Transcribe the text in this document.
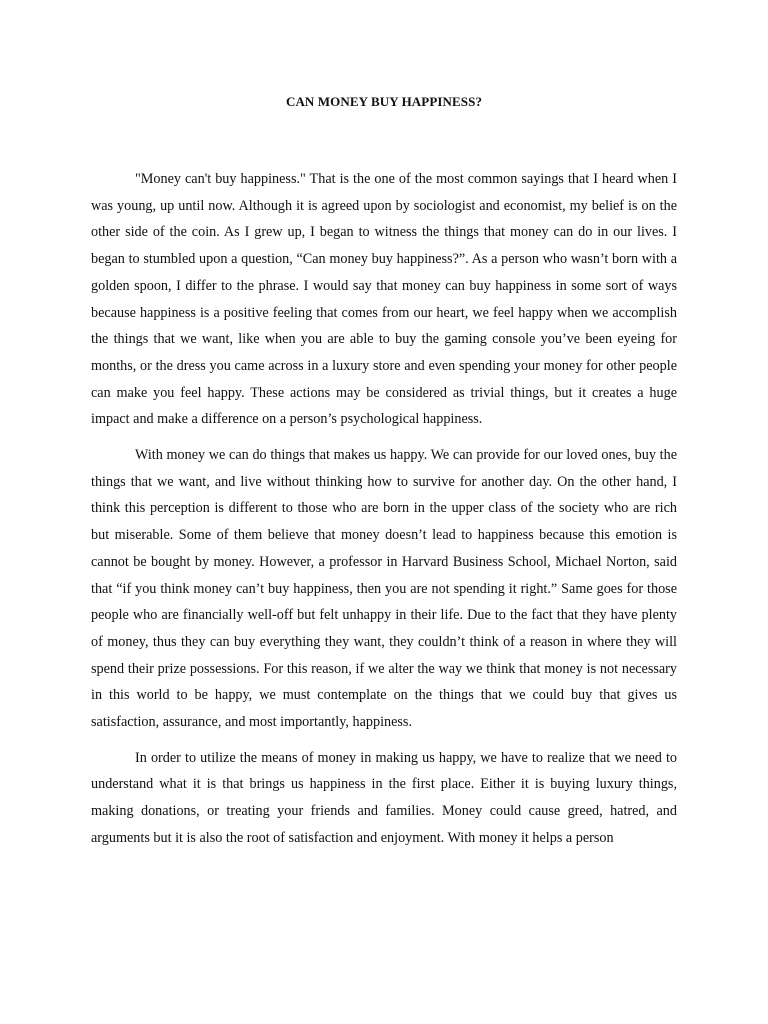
CAN MONEY BUY HAPPINESS?

"Money can't buy happiness." That is the one of the most common sayings that I heard when I was young, up until now. Although it is agreed upon by sociologist and economist, my belief is on the other side of the coin. As I grew up, I began to witness the things that money can do in our lives. I began to stumbled upon a question, “Can money buy happiness?”. As a person who wasn’t born with a golden spoon, I differ to the phrase. I would say that money can buy happiness in some sort of ways because happiness is a positive feeling that comes from our heart, we feel happy when we accomplish the things that we want, like when you are able to buy the gaming console you’ve been eyeing for months, or the dress you came across in a luxury store and even spending your money for other people can make you feel happy. These actions may be considered as trivial things, but it creates a huge impact and make a difference on a person’s psychological happiness.

With money we can do things that makes us happy. We can provide for our loved ones, buy the things that we want, and live without thinking how to survive for another day. On the other hand, I think this perception is different to those who are born in the upper class of the society who are rich but miserable. Some of them believe that money doesn’t lead to happiness because this emotion is cannot be bought by money. However, a professor in Harvard Business School, Michael Norton, said that “if you think money can’t buy happiness, then you are not spending it right.” Same goes for those people who are financially well-off but felt unhappy in their life. Due to the fact that they have plenty of money, thus they can buy everything they want, they couldn’t think of a reason in where they will spend their prize possessions. For this reason, if we alter the way we think that money is not necessary in this world to be happy, we must contemplate on the things that we could buy that gives us satisfaction, assurance, and most importantly, happiness.

In order to utilize the means of money in making us happy, we have to realize that we need to understand what it is that brings us happiness in the first place. Either it is buying luxury things, making donations, or treating your friends and families. Money could cause greed, hatred, and arguments but it is also the root of satisfaction and enjoyment. With money it helps a person
